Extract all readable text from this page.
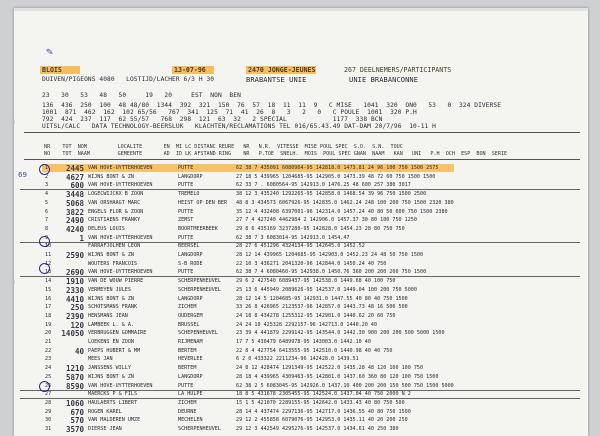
✎
BLOIS	13-07-96	2470 JONGE-JEUNES	267 DEELNEMERS/PARTICIPANTS
DUIVEN/PIGEONS 4080   LOSTIJD/LACHER 6/3 H 30	BRABANTSE UNIE	UNIE BRABANCONNE
23   30   53   48   50     19   20     EST  NON  BEN
136  436  250  100  48 48/80  1344  392  321  150  76  57  18  11  11  9   C MISE   1041  320  ON0   53   0  324 DIVERSE
1001  871  462  162  102 65/56   767  341  125  71  41  26  8   3   2   0   C POULE  1001  320 P.H
792  424  237  117  62 55/57   768  298  121  63  32   2 SPECIAL            1177  338 BCN
UITSL/CALC   DATA TECHNOLOGY-BEERSLUK   KLACHTEN/RECLAMATIONS TEL 016/65.43.49 DAT-DAM 20/7/96  10-11 H
NR    TOT  NOM          LOCALITE       EN  MI LC DISTANC REURE   NR   N.R.  VITESSE  MISE POUL SPEC  S.O.  S.N.  TOUC
NO    TOT  NAAM         GEMEENTE       AD  ID LK AFSTAND RING    NR   P.TOE  SNELH.  MOIS  POUL SPEC GNAN  NAAM   KAN   UNI   P.H  OCH  ESP  BON  SERIE
1	2445 VAN HOVE-UYTTERHOEVEN	PUTTE	62 38 7 435091 6080964-95 142818.0 1473.81 24 96 100 750 1500 2575
2	4627 WIJNS BONT & ZN	LANGDORP	27 18 5 439965 1204685-95 142905.0 1473.39 48 72 60 750 1500 1500
3	600 VAN HOVE-UYTTERHOEVEN	PUTTE	62 33 7 . 6080564-95 142913.0 1476.25 48 600 257 380 3017
4	3448 LOGECWIJCKX B ZOON	TREMELO	38 12 3 435240 1292265-95 142858.0 1468.54 39 96 750 1500 2500
5	5068 VAN ORSHAAGT MARC	HEIST OP DEN BER	48 8 3 434573 6067926-95 142835.0 1462.24 248 100 200 750 1500 2320 380
6	3822 ENGELS FLOR & ZOON	PUTTE	35 12 4 432408 6397001-96 142314.0 1457.24 40 80 50 600 750 1500 2380
7	2490 CRISTIAENS FRANKY	ZEMST	27 7 4 427240 4462984 2 142906.0 1457.37 30 80 100 750 1250
8	4240 DELEUS LOUIS	BOORTMEERBEEK	29 8 6 435169 3237280-95 142828.0 1454.23 28 80 750 750
9	1 VAN HOVE-UYTTERHOEVEN	PUTTE	62 38 7 3 6083014-95 142913.0 1454.47
10	FARRAFJOLHEN LEON	BEERSEL	28 27 6 451296 4324134-95 142645.0 1452.52
11	2590 WIJNS BONT & ZN	LANGDORP	28 12 14 439965 1204685-95 142903.0 1452.23 24 48 50 750 1500
12	WOUTERS FRANCOIS	S-B RODE	22 10 3 436271 2041320-96 142844.0 1450.24 40 750
13	2690 VAN HOVE-UYTTERHOEVEN	PUTTE	62 38 7 4 6080460-95 142938.0 1450.76 360 200 200 200 750 1500
14	1910 VAN DE WOUW PIERRE	SCHERPENHEUVEL	29 6 2 427540 6089437-95 142538.0 1449.68 40 100 750
15	2330 VERMEYEN JULES	SCHERPENHEUVEL	25 13 6 445949 2089626-95 142537.0 1449.04 100 200 750 5000
16	4410 WIJNS BONT & ZN	LANGDORP	28 12 14 5 1204685-95 142931.0 1447.55 40 80 40 750 1500
17	250 SCHOTSMANS FRANK	ZICHEM	33 26 8 426965 2123537-96 142857.0 1443.73 48 16 500 500
18	2390 HENSMANS JEAN	OUDERGEM	24 18 8 434278 1255312-95 142901.0 1440.62 20 60 750
19	120 LAMBEEK L. & A.	BRUSSEL	24 24 10 425328 2292157-96 142713.0 1440.20 40
20	14050 VERBRUGGEN GOMMAIRE	SCHEPENHEUVEL	23 39 4 441879 2299142-95 143544.0 1442.30 900 200 200 500 5000 1500
21	LOEKENS EN ZOON	RIJMENAM	17 7 5 430479 6489978-95 143003.0 1442.10 40
22	40 PAEPS HUBERT & MM	BERTEM	22 8 4 427754 6413555-95 142510.0 1440.98 40 40 750
23	MEES JAN	HEVERLEE	6 2 0 433322 2211234-96 142428.0 1439.51
24	1210 JANSSENS WILLY	BERTEM	24 8 12 428474 1291349-95 142522.0 1435.28 48 120 100 100 750
25	5870 WIJNS BONT & ZN	LANGDORP	28 18 4 439965 4309463-95 142801.0 1437.60 360 80 120 100 750 1500
26	8590 VAN HOVE-UYTTERHOEVEN	PUTTE	62 38 2 5 6083045-95 142926.0 1437.10 400 200 200 150 500 750 1500 5000
27	MAERCKS P & FILS	LA HULPE	18 8 5 431678 2305455-95 142524.0 1437.04 40 750 2000 N 2
28	1060 HAULAERTS LIBERT	ZICHEM	15 1 5 421070 2289155-95 142642.0 1433.43 40 80 750 500
29	670 ROGEN KAREL	DEURNE	28 14 4 437474 2297136-95 142717.0 1436.55 40 80 750 1500
30	570 VAN MALDEREN UMZE	MECHELEN	29 12 2 455858 6079076-95 142953.0 1435.11 40 20 200 250
31	3570 DIERSE JEAN	SCHERPENHEUVEL	29 12 3 442549 4295276-95 142537.0 1434.61 40 250 380
69
